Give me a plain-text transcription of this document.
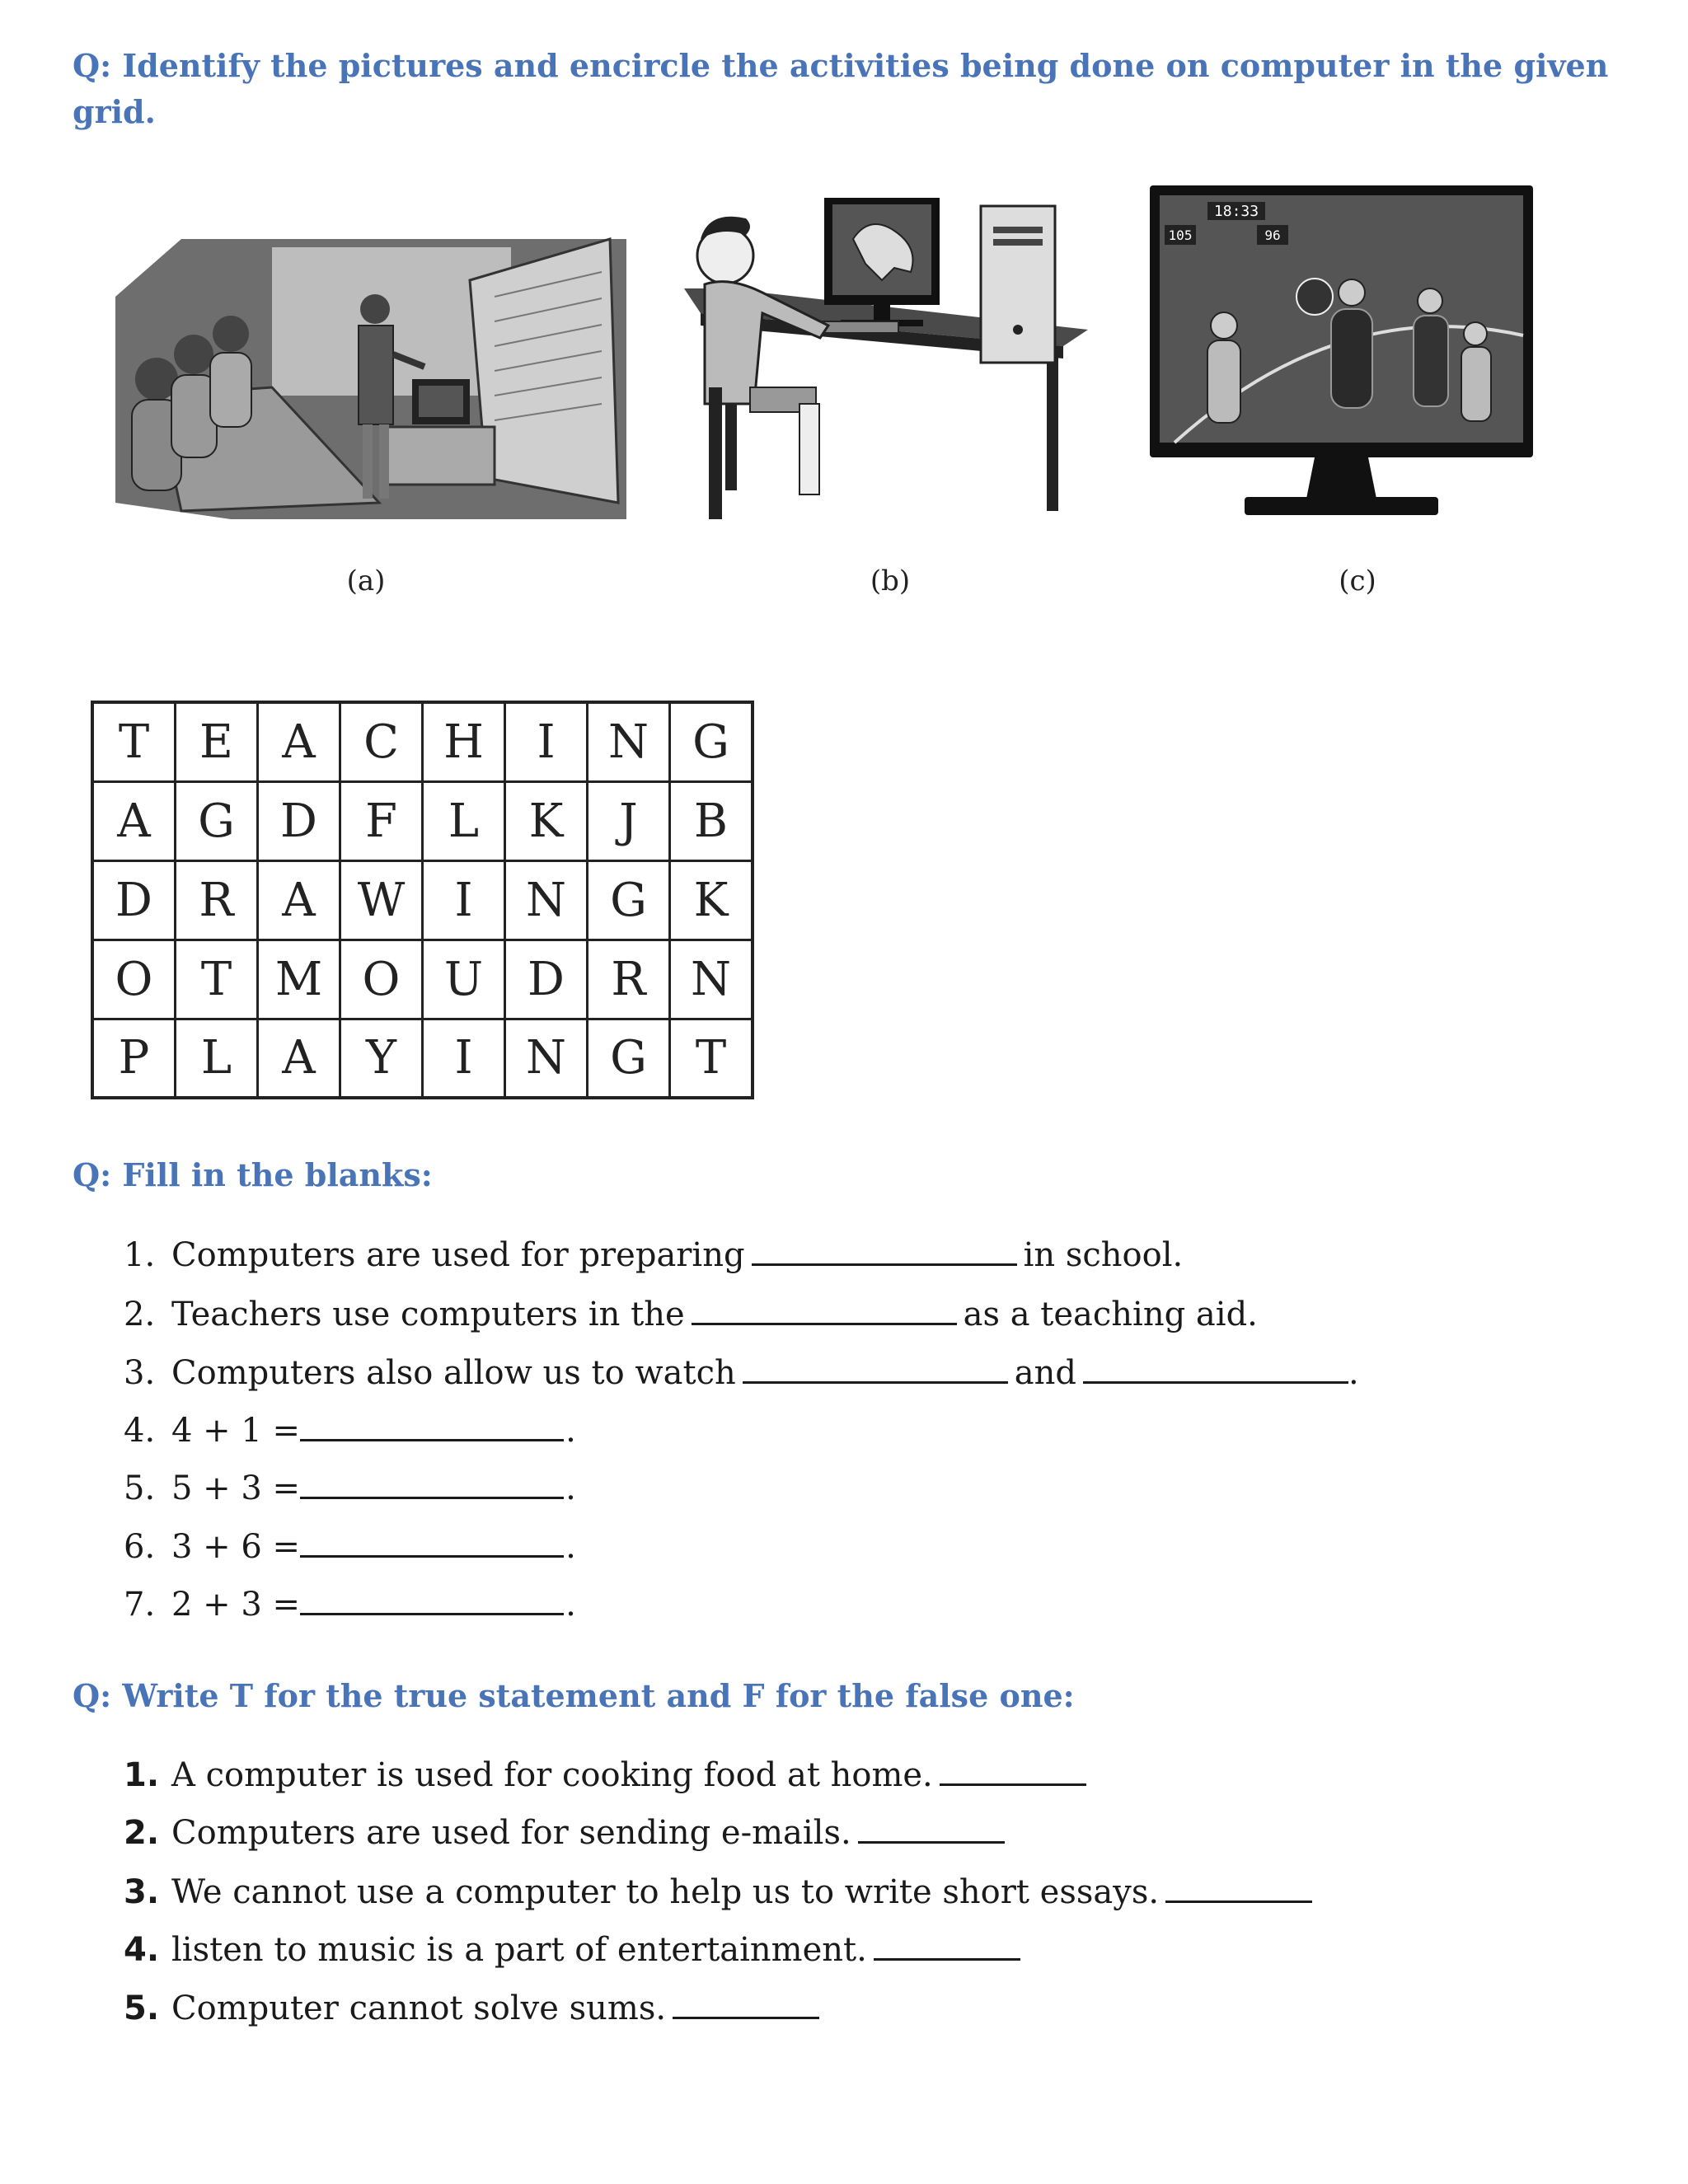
Q: Identify the pictures and encircle the activities being done on computer in the given grid.
(a)	(b)
18:33
105	96
(c)
T	E	A	C	H	I	N	G
A	G	D	F	L	K	J	B
D	R	A	W	I	N	G	K
O	T	M	O	U	D	R	N
P	L	A	Y	I	N	G	T
Q: Fill in the blanks:
1. Computers are used for preparing	in school.
2. Teachers use computers in the	as a teaching aid.
3. Computers also allow us to watch	and	.
4. 4 + 1 =	.
5. 5 + 3 =	.
6. 3 + 6 =	.
7. 2 + 3 =	.
Q: Write T for the true statement and F for the false one:
1. A computer is used for cooking food at home.
2. Computers are used for sending e-mails.
3. We cannot use a computer to help us to write short essays.
4. listen to music is a part of entertainment.
5. Computer cannot solve sums.
